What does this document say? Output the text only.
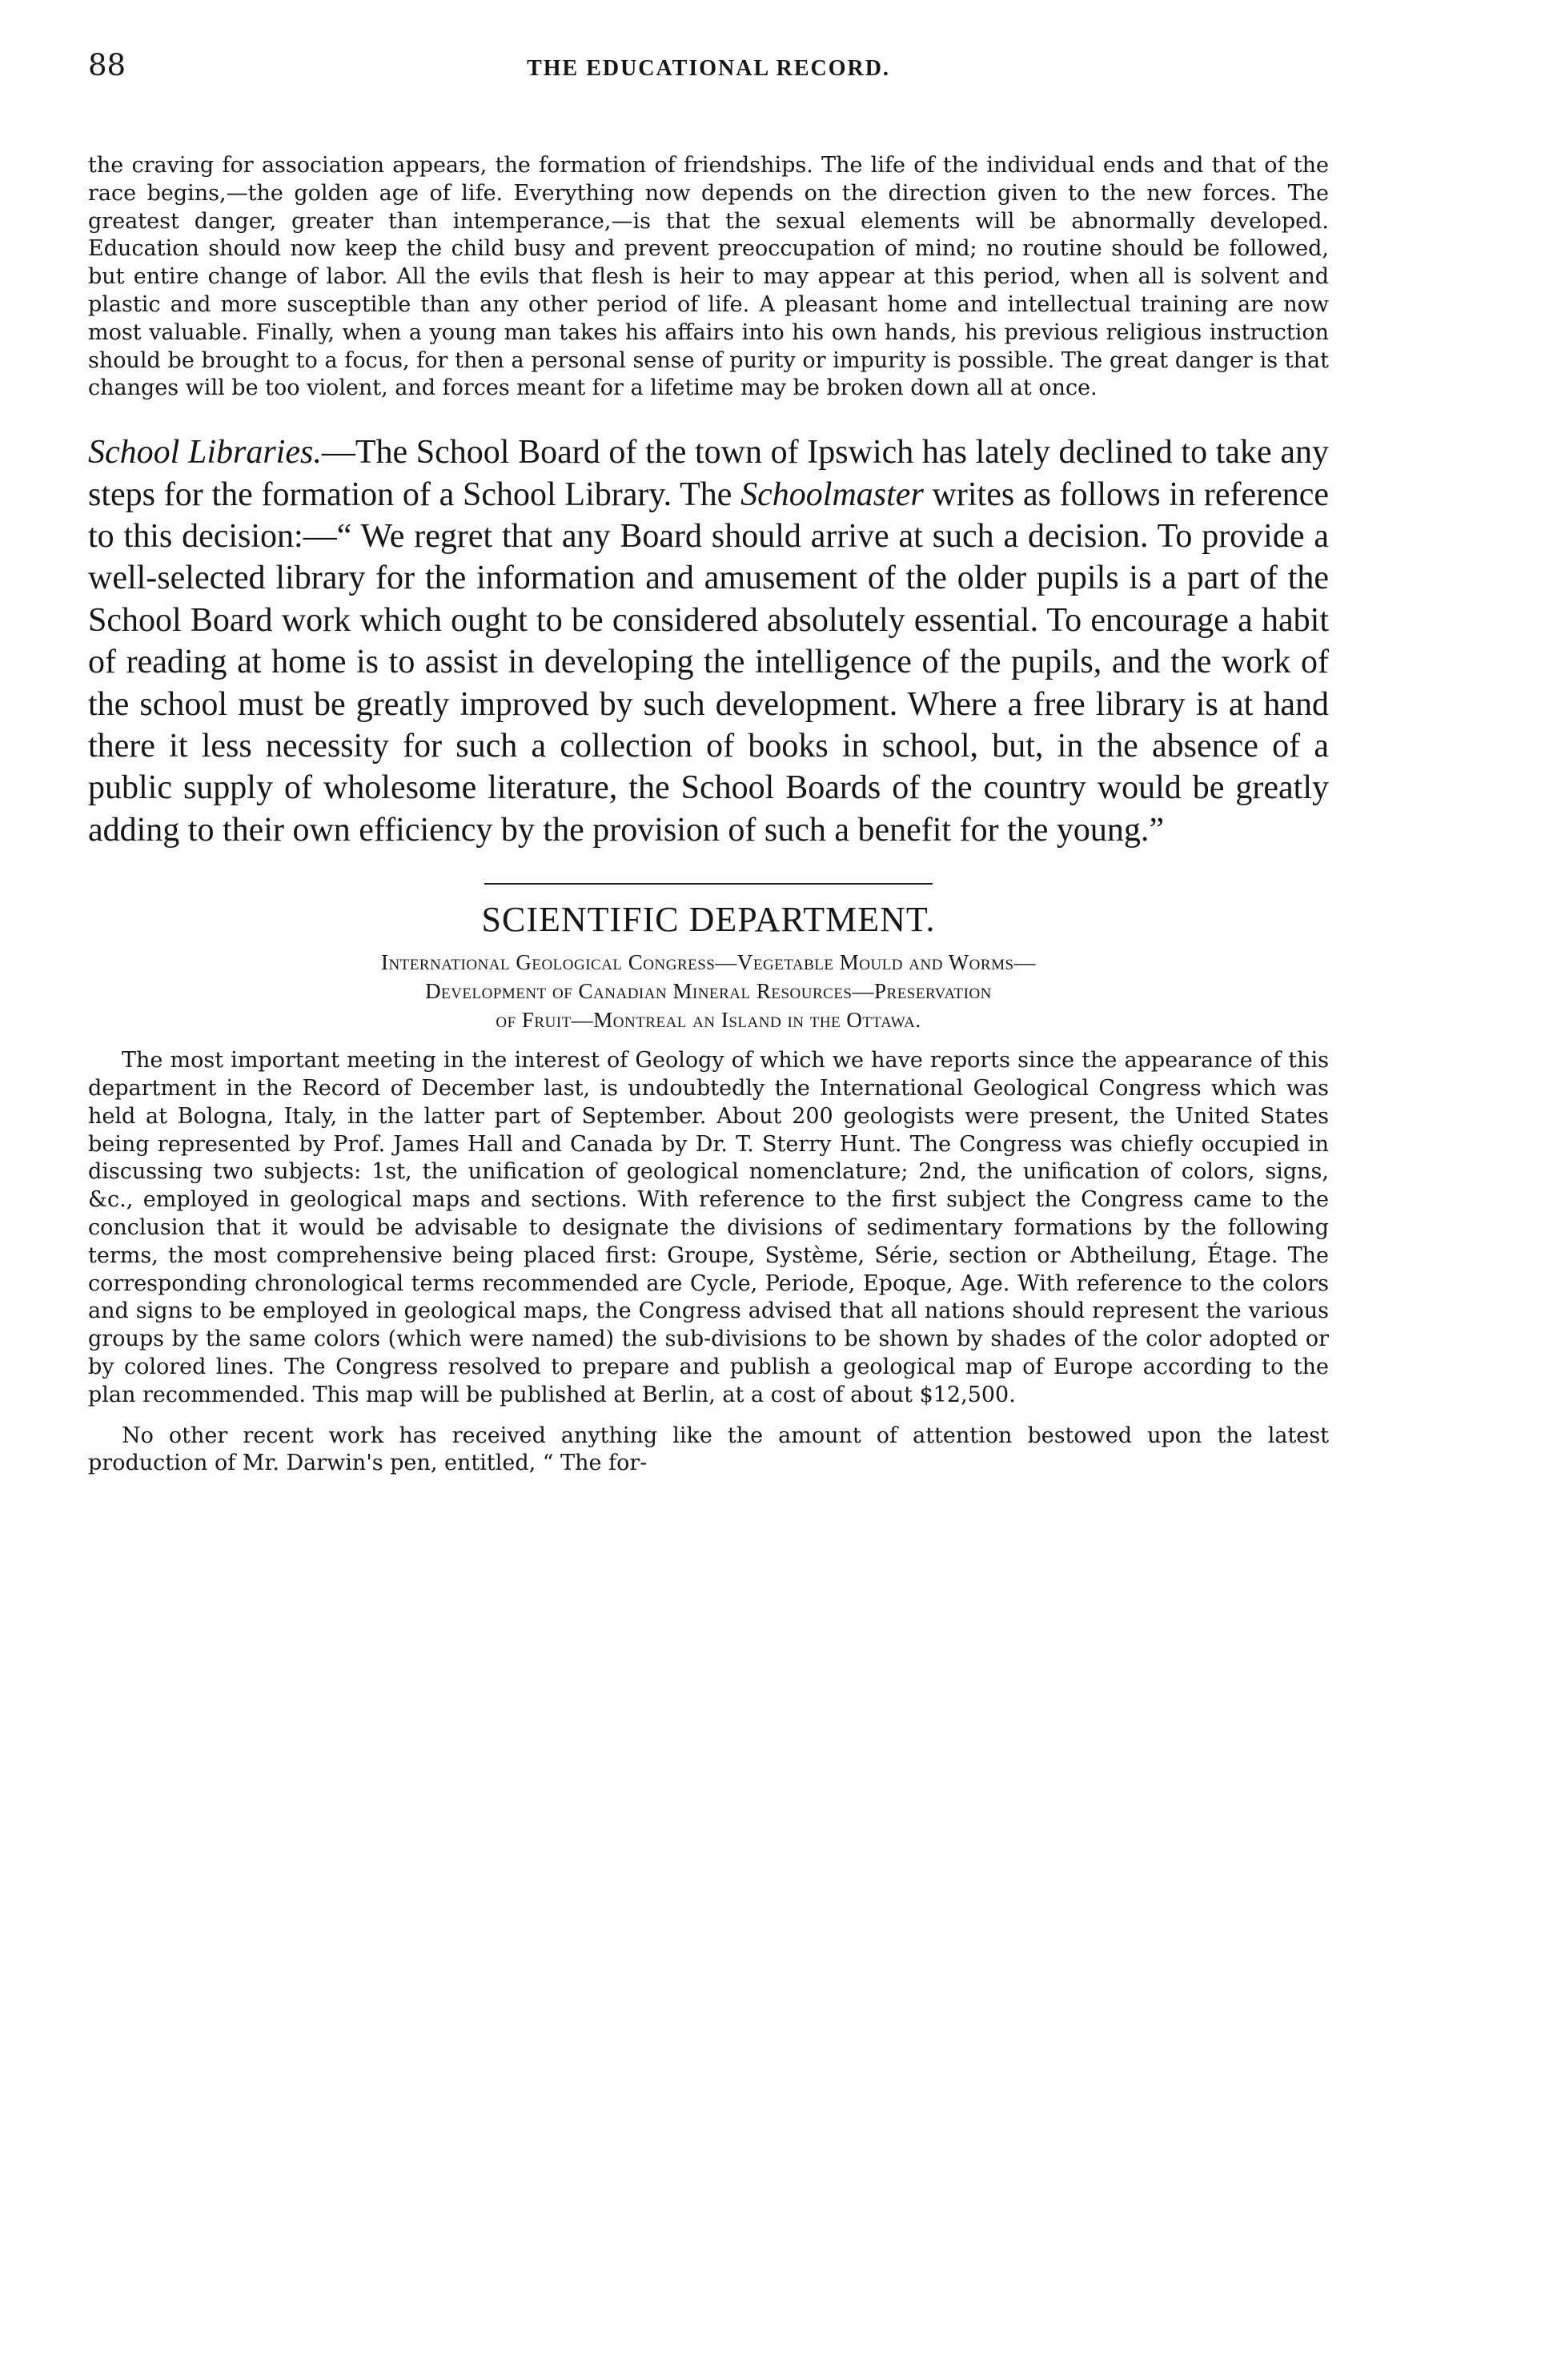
88	THE EDUCATIONAL RECORD.

the craving for association appears, the formation of friendships. The life of the individual ends and that of the race begins,—the golden age of life. Everything now depends on the direction given to the new forces. The greatest danger, greater than intemperance,—is that the sexual elements will be abnormally developed. Education should now keep the child busy and prevent preoccupation of mind; no routine should be followed, but entire change of labor. All the evils that flesh is heir to may appear at this period, when all is solvent and plastic and more susceptible than any other period of life. A pleasant home and intellectual training are now most valuable. Finally, when a young man takes his affairs into his own hands, his previous religious instruction should be brought to a focus, for then a personal sense of purity or impurity is possible. The great danger is that changes will be too violent, and forces meant for a lifetime may be broken down all at once.

School Libraries.—The School Board of the town of Ipswich has lately declined to take any steps for the formation of a School Library. The Schoolmaster writes as follows in reference to this decision:—“ We regret that any Board should arrive at such a decision. To provide a well-selected library for the information and amusement of the older pupils is a part of the School Board work which ought to be considered absolutely essential. To encourage a habit of reading at home is to assist in developing the intelligence of the pupils, and the work of the school must be greatly improved by such development. Where a free library is at hand there it less necessity for such a collection of books in school, but, in the absence of a public supply of wholesome literature, the School Boards of the country would be greatly adding to their own efficiency by the provision of such a benefit for the young.”

SCIENTIFIC DEPARTMENT.
International Geological Congress—Vegetable Mould and Worms—
Development of Canadian Mineral Resources—Preservation
of Fruit—Montreal an Island in the Ottawa.

The most important meeting in the interest of Geology of which we have reports since the appearance of this department in the Record of December last, is undoubtedly the International Geological Congress which was held at Bologna, Italy, in the latter part of September. About 200 geologists were present, the United States being represented by Prof. James Hall and Canada by Dr. T. Sterry Hunt. The Congress was chiefly occupied in discussing two subjects: 1st, the unification of geological nomenclature; 2nd, the unification of colors, signs, &c., employed in geological maps and sections. With reference to the first subject the Congress came to the conclusion that it would be advisable to designate the divisions of sedimentary formations by the following terms, the most comprehensive being placed first: Groupe, Système, Série, section or Abtheilung, Étage. The corresponding chronological terms recommended are Cycle, Periode, Epoque, Age. With reference to the colors and signs to be employed in geological maps, the Congress advised that all nations should represent the various groups by the same colors (which were named) the sub-divisions to be shown by shades of the color adopted or by colored lines. The Congress resolved to prepare and publish a geological map of Europe according to the plan recommended. This map will be published at Berlin, at a cost of about $12,500.

No other recent work has received anything like the amount of attention bestowed upon the latest production of Mr. Darwin's pen, entitled, “ The for-
